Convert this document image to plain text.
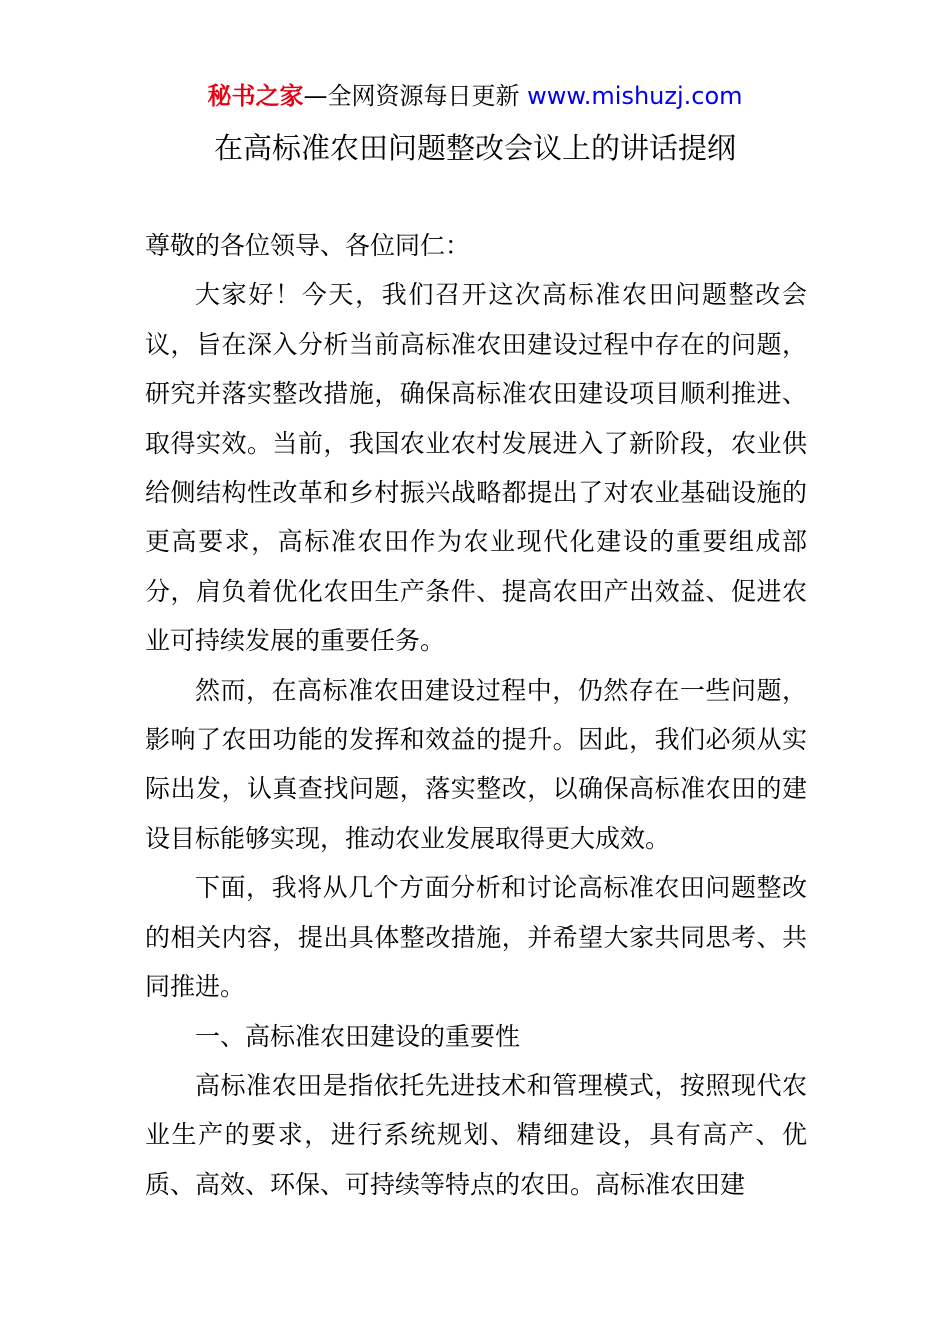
秘书之家—全网资源每日更新 www.mishuzj.com
在高标准农田问题整改会议上的讲话提纲

尊敬的各位领导、各位同仁：

大家好！今天，我们召开这次高标准农田问题整改会议，旨在深入分析当前高标准农田建设过程中存在的问题，研究并落实整改措施，确保高标准农田建设项目顺利推进、取得实效。当前，我国农业农村发展进入了新阶段，农业供给侧结构性改革和乡村振兴战略都提出了对农业基础设施的更高要求，高标准农田作为农业现代化建设的重要组成部分，肩负着优化农田生产条件、提高农田产出效益、促进农业可持续发展的重要任务。

然而，在高标准农田建设过程中，仍然存在一些问题，影响了农田功能的发挥和效益的提升。因此，我们必须从实际出发，认真查找问题，落实整改，以确保高标准农田的建设目标能够实现，推动农业发展取得更大成效。

下面，我将从几个方面分析和讨论高标准农田问题整改的相关内容，提出具体整改措施，并希望大家共同思考、共同推进。

一、高标准农田建设的重要性

高标准农田是指依托先进技术和管理模式，按照现代农业生产的要求，进行系统规划、精细建设，具有高产、优质、高效、环保、可持续等特点的农田。高标准农田建
